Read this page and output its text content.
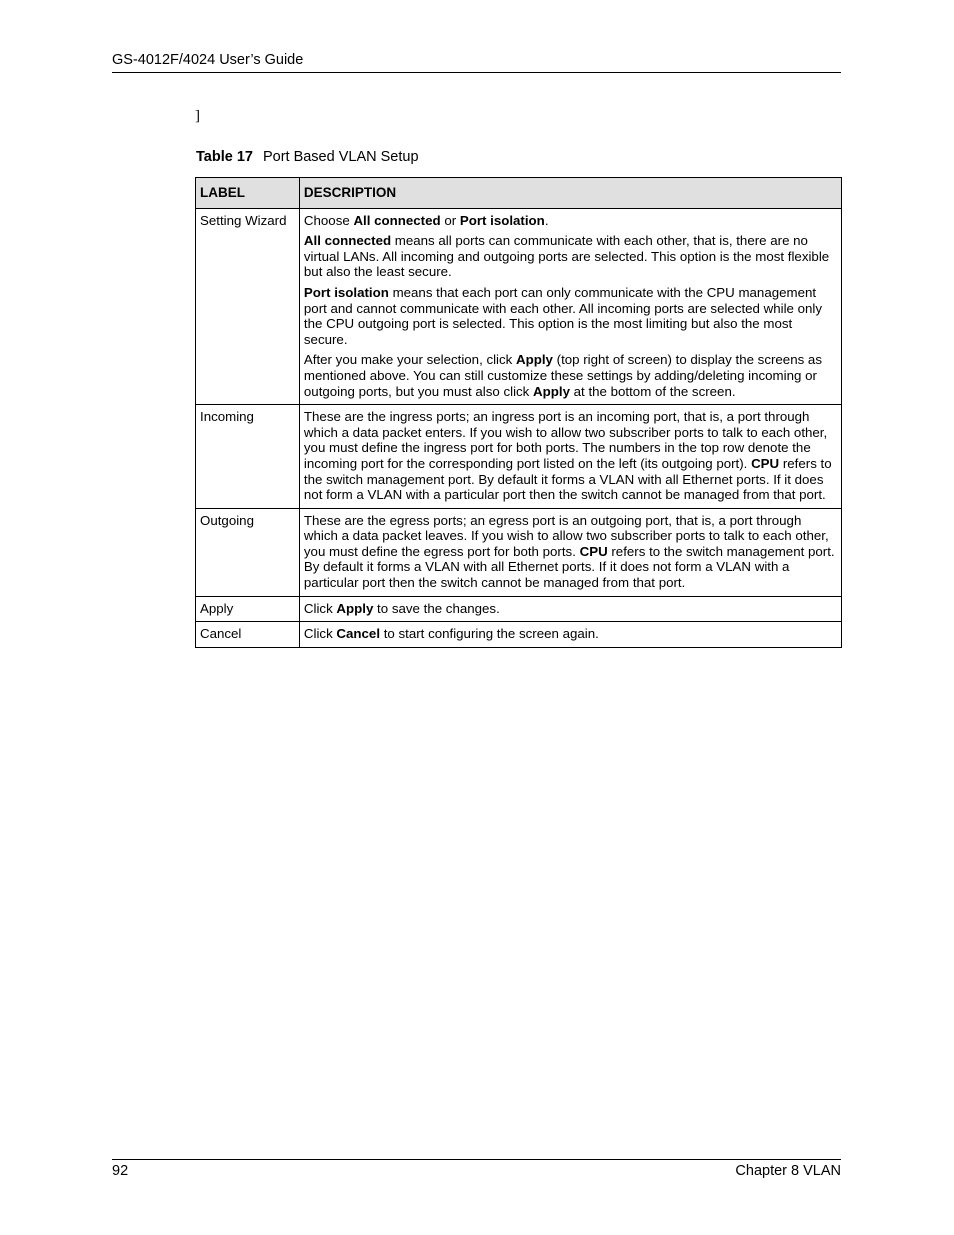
GS-4012F/4024 User’s Guide
]
Table 17 Port Based VLAN Setup
LABEL	DESCRIPTION
Setting Wizard	Choose All connected or Port isolation.

All connected means all ports can communicate with each other, that is, there are no virtual LANs. All incoming and outgoing ports are selected. This option is the most flexible but also the least secure.

Port isolation means that each port can only communicate with the CPU management port and cannot communicate with each other. All incoming ports are selected while only the CPU outgoing port is selected. This option is the most limiting but also the most secure.

After you make your selection, click Apply (top right of screen) to display the screens as mentioned above. You can still customize these settings by adding/deleting incoming or outgoing ports, but you must also click Apply at the bottom of the screen.

Incoming	These are the ingress ports; an ingress port is an incoming port, that is, a port through which a data packet enters. If you wish to allow two subscriber ports to talk to each other, you must define the ingress port for both ports. The numbers in the top row denote the incoming port for the corresponding port listed on the left (its outgoing port). CPU refers to the switch management port. By default it forms a VLAN with all Ethernet ports. If it does not form a VLAN with a particular port then the switch cannot be managed from that port.

Outgoing	These are the egress ports; an egress port is an outgoing port, that is, a port through which a data packet leaves. If you wish to allow two subscriber ports to talk to each other, you must define the egress port for both ports. CPU refers to the switch management port. By default it forms a VLAN with all Ethernet ports. If it does not form a VLAN with a particular port then the switch cannot be managed from that port.

Apply	Click Apply to save the changes.

Cancel	Click Cancel to start configuring the screen again.

92	Chapter 8 VLAN
